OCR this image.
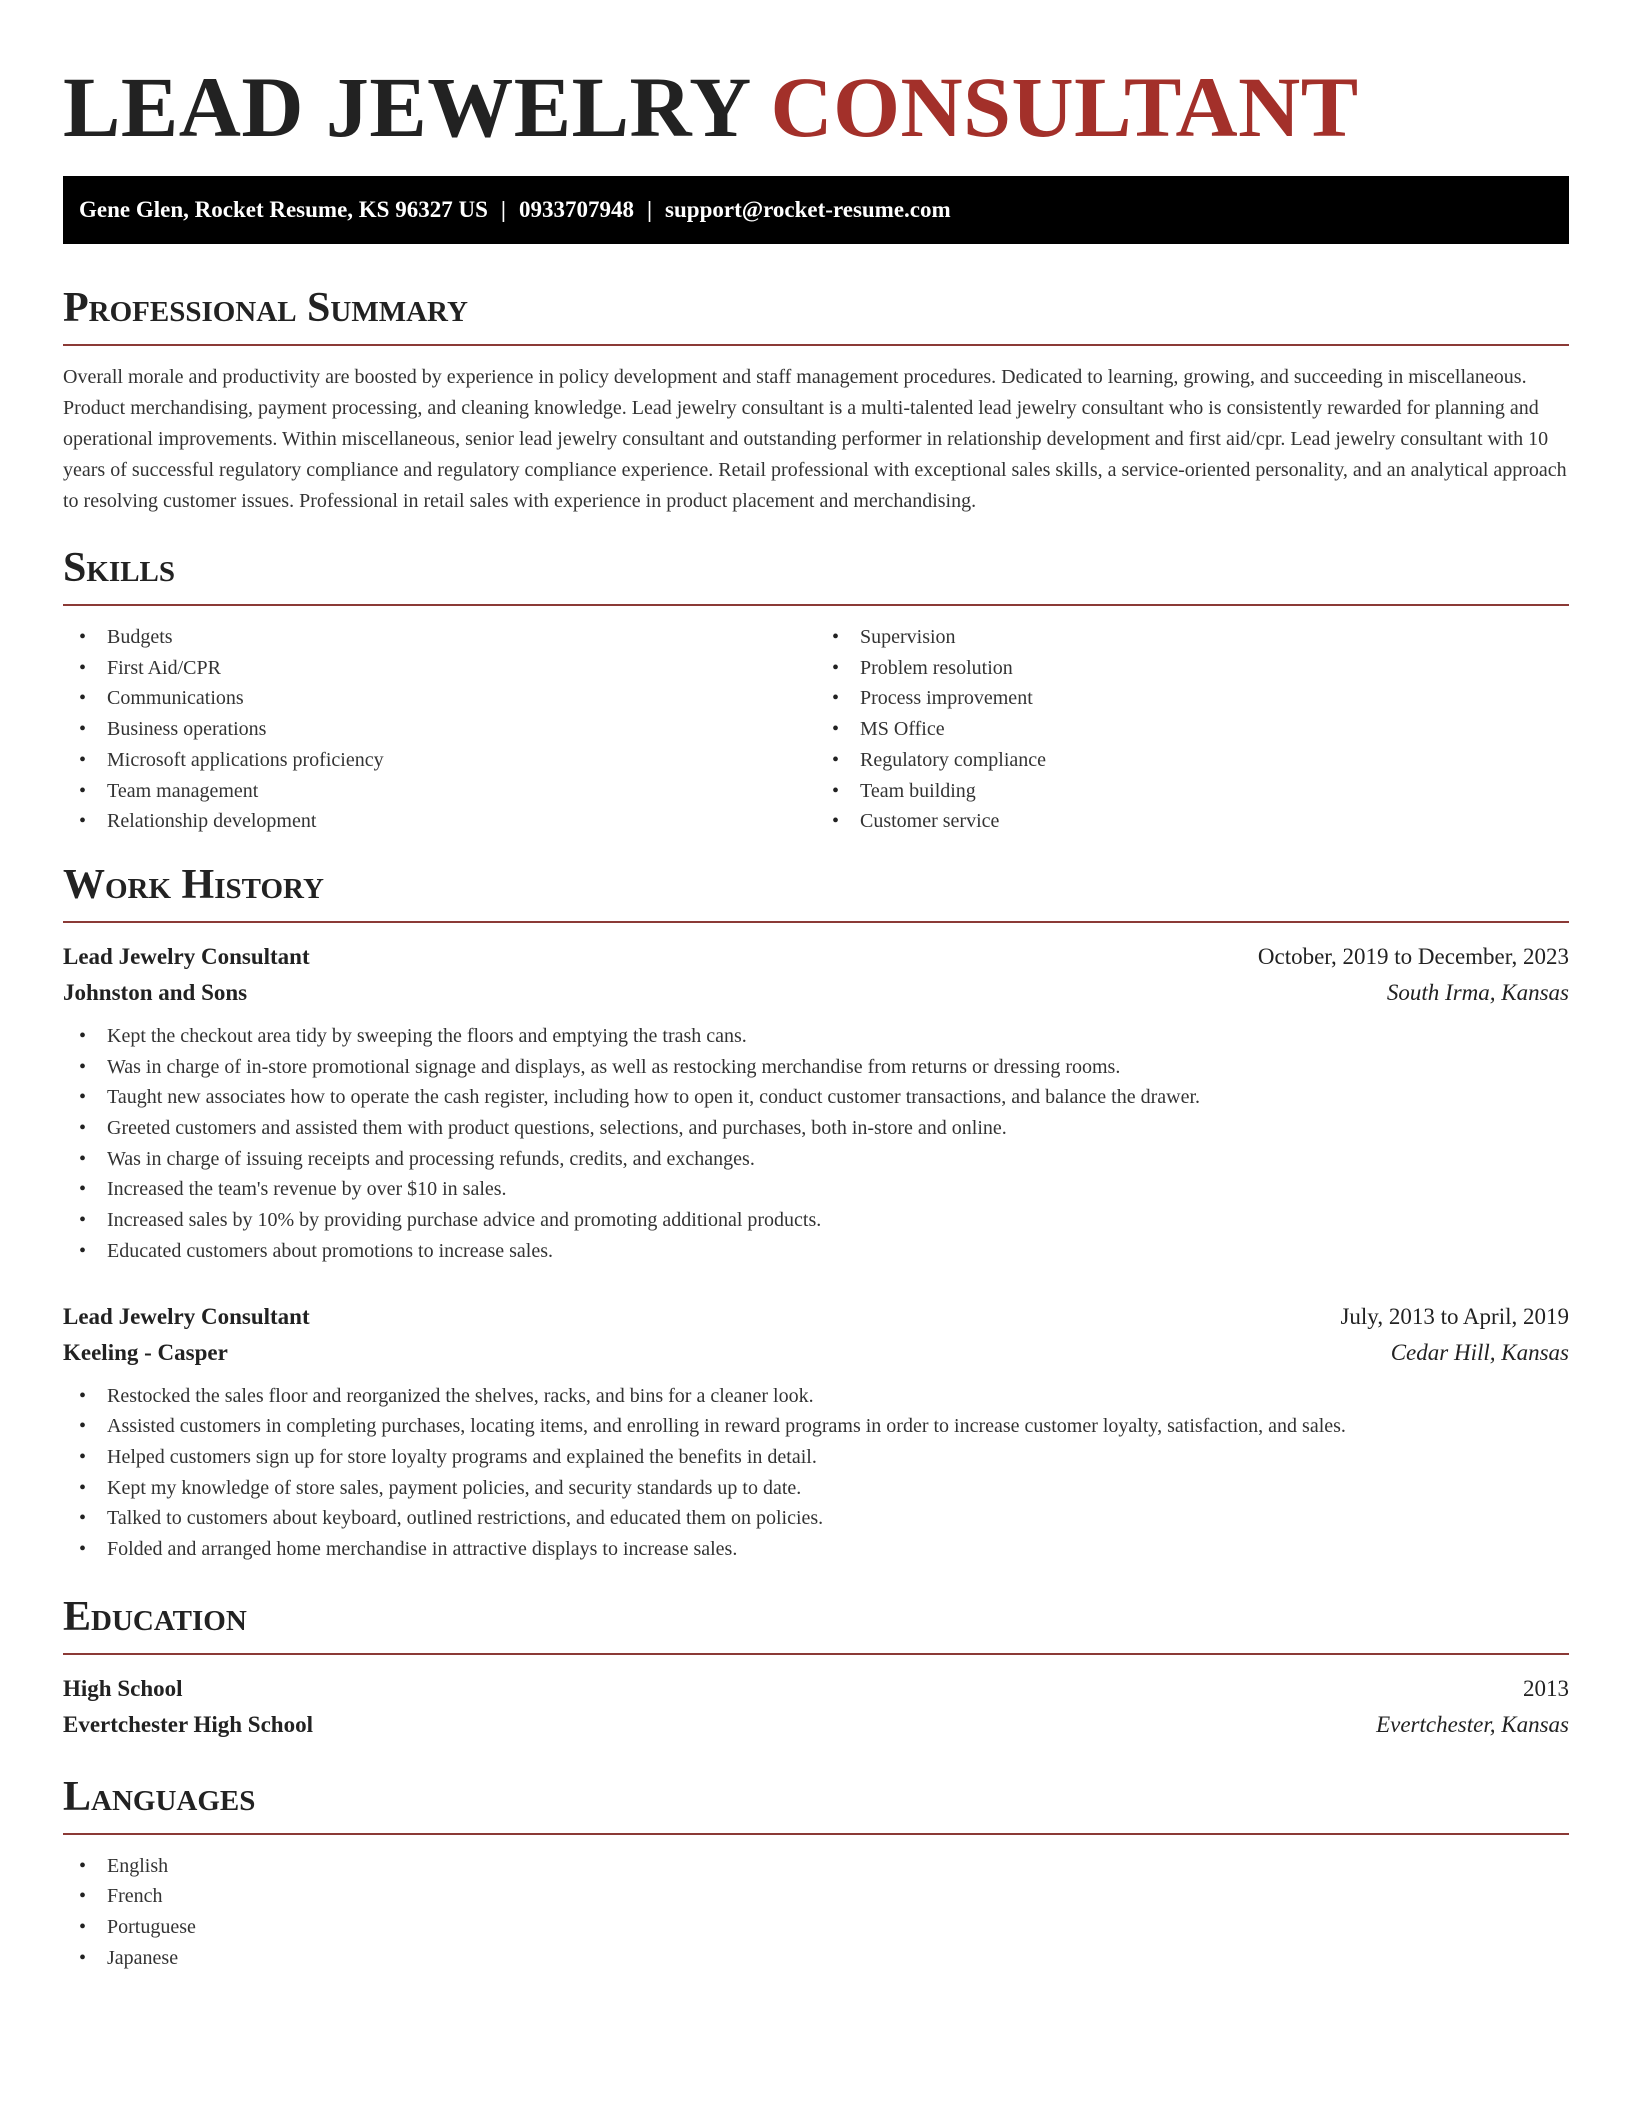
LEAD JEWELRY CONSULTANT
Gene Glen, Rocket Resume, KS 96327 US | 0933707948 | support@rocket-resume.com
Professional Summary

Overall morale and productivity are boosted by experience in policy development and staff management procedures. Dedicated to learning, growing, and succeeding in miscellaneous. Product merchandising, payment processing, and cleaning knowledge. Lead jewelry consultant is a multi-talented lead jewelry consultant who is consistently rewarded for planning and operational improvements. Within miscellaneous, senior lead jewelry consultant and outstanding performer in relationship development and first aid/cpr. Lead jewelry consultant with 10 years of successful regulatory compliance and regulatory compliance experience. Retail professional with exceptional sales skills, a service-oriented personality, and an analytical approach to resolving customer issues. Professional in retail sales with experience in product placement and merchandising.

Skills
• Budgets
• First Aid/CPR
• Communications
• Business operations
• Microsoft applications proficiency
• Team management
• Relationship development
• Supervision
• Problem resolution
• Process improvement
• MS Office
• Regulatory compliance
• Team building
• Customer service
Work History
Lead Jewelry Consultant	October, 2019 to December, 2023
Johnston and Sons	South Irma, Kansas
• Kept the checkout area tidy by sweeping the floors and emptying the trash cans.
• Was in charge of in-store promotional signage and displays, as well as restocking merchandise from returns or dressing rooms.
• Taught new associates how to operate the cash register, including how to open it, conduct customer transactions, and balance the drawer.
• Greeted customers and assisted them with product questions, selections, and purchases, both in-store and online.
• Was in charge of issuing receipts and processing refunds, credits, and exchanges.
• Increased the team's revenue by over $10 in sales.
• Increased sales by 10% by providing purchase advice and promoting additional products.
• Educated customers about promotions to increase sales.
Lead Jewelry Consultant	July, 2013 to April, 2019
Keeling - Casper	Cedar Hill, Kansas
• Restocked the sales floor and reorganized the shelves, racks, and bins for a cleaner look.
• Assisted customers in completing purchases, locating items, and enrolling in reward programs in order to increase customer loyalty, satisfaction, and sales.
• Helped customers sign up for store loyalty programs and explained the benefits in detail.
• Kept my knowledge of store sales, payment policies, and security standards up to date.
• Talked to customers about keyboard, outlined restrictions, and educated them on policies.
• Folded and arranged home merchandise in attractive displays to increase sales.
Education
High School	2013
Evertchester High School	Evertchester, Kansas
Languages
• English
• French
• Portuguese
• Japanese
